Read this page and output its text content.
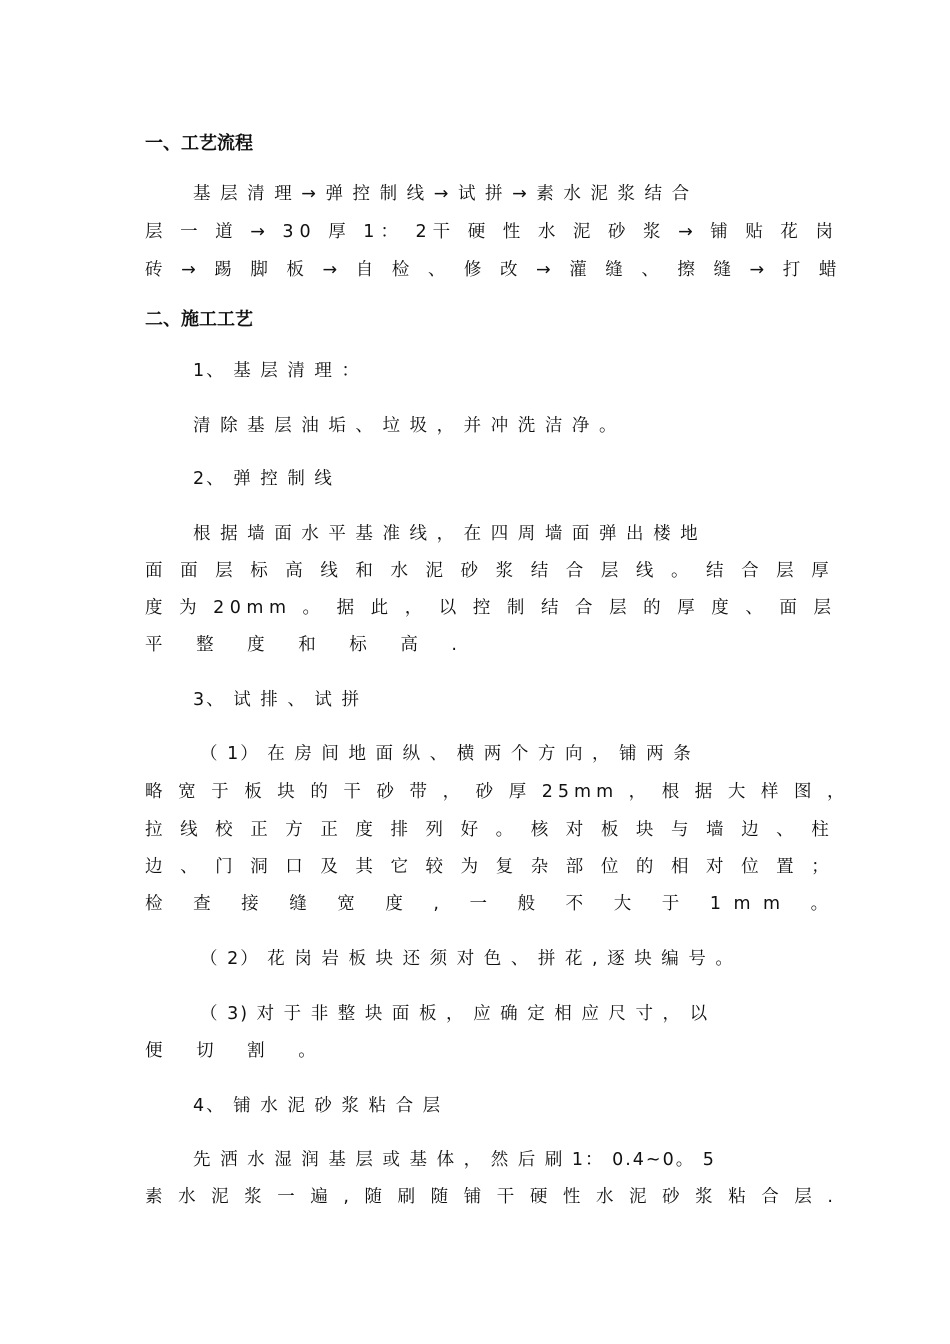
一、工艺流程
基 层 清 理 → 弹 控 制 线 → 试 拼 → 素 水 泥 浆 结 合
层 一 道 → 30 厚 1： 2干 硬 性 水 泥 砂 浆 → 铺 贴 花 岗
砖 → 踢 脚 板 → 自 检 、 修 改 → 灌 缝 、 擦 缝 → 打 蜡
二、施工工艺
1、 基 层 清 理 ：
清 除 基 层 油 垢 、 垃 圾 ， 并 冲 洗 洁 净 。
2、 弹 控 制 线
根 据 墙 面 水 平 基 准 线 ， 在 四 周 墙 面 弹 出 楼 地
面 面 层 标 高 线 和 水 泥 砂 浆 结 合 层 线 。 结 合 层 厚
度 为 20mm 。 据 此 ， 以 控 制 结 合 层 的 厚 度 、 面 层
平 整 度 和 标 高 .
3、 试 排 、 试 拼
（ 1） 在 房 间 地 面 纵 、 横 两 个 方 向 ， 铺 两 条
略 宽 于 板 块 的 干 砂 带 ， 砂 厚 25mm ， 根 据 大 样 图 ，
拉 线 校 正 方 正 度 排 列 好 。 核 对 板 块 与 墙 边 、 柱
边 、 门 洞 口 及 其 它 较 为 复 杂 部 位 的 相 对 位 置 ；
检 查 接 缝 宽 度 , 一 般 不 大 于 1mm 。
（ 2） 花 岗 岩 板 块 还 须 对 色 、 拼 花 , 逐 块 编 号 。
（ 3) 对 于 非 整 块 面 板 ， 应 确 定 相 应 尺 寸 ， 以
便 切 割 。
4、 铺 水 泥 砂 浆 粘 合 层
先 洒 水 湿 润 基 层 或 基 体 ， 然 后 刷 1： 0.4~0。 5
素 水 泥 浆 一 遍 , 随 刷 随 铺 干 硬 性 水 泥 砂 浆 粘 合 层 .
